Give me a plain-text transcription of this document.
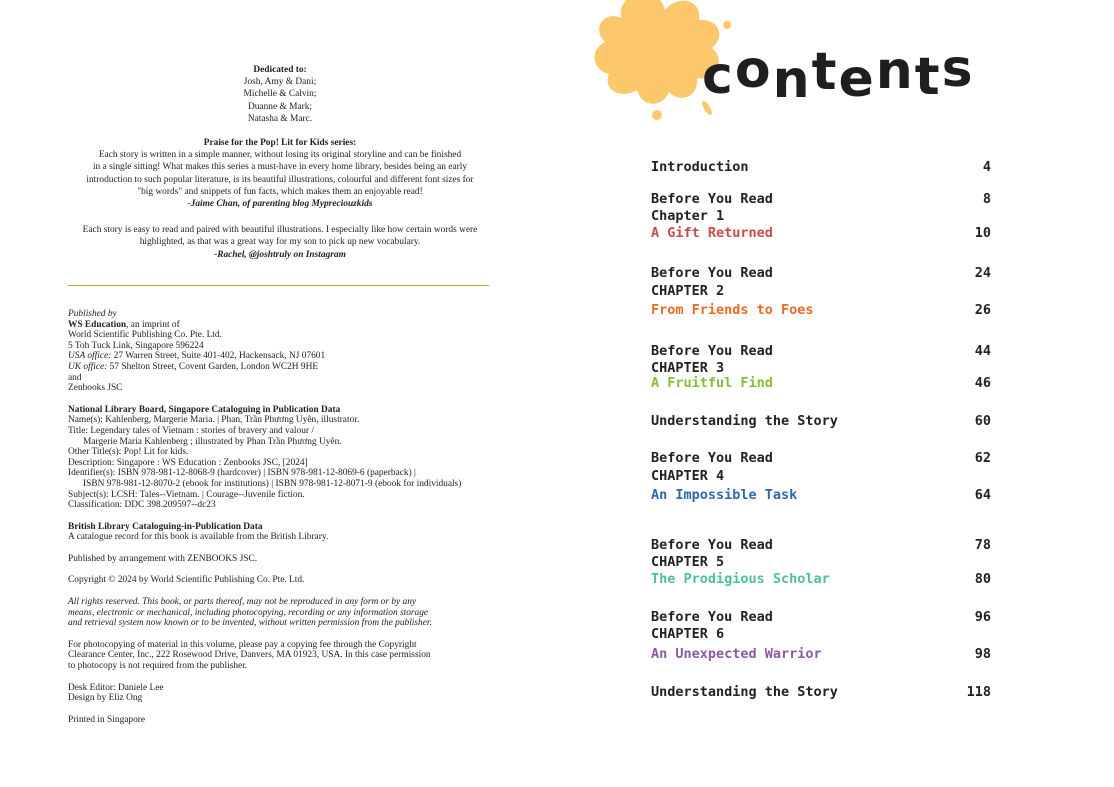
Dedicated to:
Josh, Amy & Dani;
Michelle & Calvin;
Duanne & Mark;
Natasha & Marc.
Praise for the Pop! Lit for Kids series:
Each story is written in a simple manner, without losing its original storyline and can be finished
in a single sitting! What makes this series a must-have in every home library, besides being an early
introduction to such popular literature, is its beautiful illustrations, colourful and different font sizes for
"big words" and snippets of fun facts, which makes them an enjoyable read!
-Jaime Chan, of parenting blog Mypreciouzkids
Each story is easy to read and paired with beautiful illustrations. I especially like how certain words were
highlighted, as that was a great way for my son to pick up new vocabulary.
-Rachel, @joshtruly on Instagram

Published by

WS Education, an imprint of

World Scientific Publishing Co. Pte. Ltd.

5 Toh Tuck Link, Singapore 596224

USA office: 27 Warren Street, Suite 401-402, Hackensack, NJ 07601

UK office: 57 Shelton Street, Covent Garden, London WC2H 9HE

and

Zenbooks JSC

National Library Board, Singapore Cataloguing in Publication Data

Name(s): Kahlenberg, Margerie Maria. | Phan, Trần Phương Uyên, illustrator.

Title: Legendary tales of Vietnam : stories of bravery and valour /

Margerie Maria Kahlenberg ; illustrated by Phan Trần Phương Uyên.

Other Title(s): Pop! Lit for kids.

Description: Singapore : WS Education : Zenbooks JSC, [2024]

Identifier(s): ISBN 978-981-12-8068-9 (hardcover) | ISBN 978-981-12-8069-6 (paperback) |

ISBN 978-981-12-8070-2 (ebook for institutions) | ISBN 978-981-12-8071-9 (ebook for individuals)

Subject(s): LCSH: Tales--Vietnam. | Courage--Juvenile fiction.

Classification: DDC 398.209597--dc23

British Library Cataloguing-in-Publication Data

A catalogue record for this book is available from the British Library.

Published by arrangement with ZENBOOKS JSC.

Copyright © 2024 by World Scientific Publishing Co. Pte. Ltd.

All rights reserved. This book, or parts thereof, may not be reproduced in any form or by any

means, electronic or mechanical, including photocopying, recording or any information storage

and retrieval system now known or to be invented, without written permission from the publisher.

For photocopying of material in this volume, please pay a copying fee through the Copyright

Clearance Center, Inc., 222 Rosewood Drive, Danvers, MA 01923, USA. In this case permission

to photocopy is not required from the publisher.

Desk Editor: Daniele Lee

Design by Eliz Ong

Printed in Singapore

contents
Introduction	4
Before You Read	8
Chapter 1
A Gift Returned	10
Before You Read	24
CHAPTER 2
From Friends to Foes	26
Before You Read	44
CHAPTER 3
A Fruitful Find	46
Understanding the Story	60
Before You Read	62
CHAPTER 4
An Impossible Task	64
Before You Read	78
CHAPTER 5
The Prodigious Scholar	80
Before You Read	96
CHAPTER 6
An Unexpected Warrior	98
Understanding the Story	118
